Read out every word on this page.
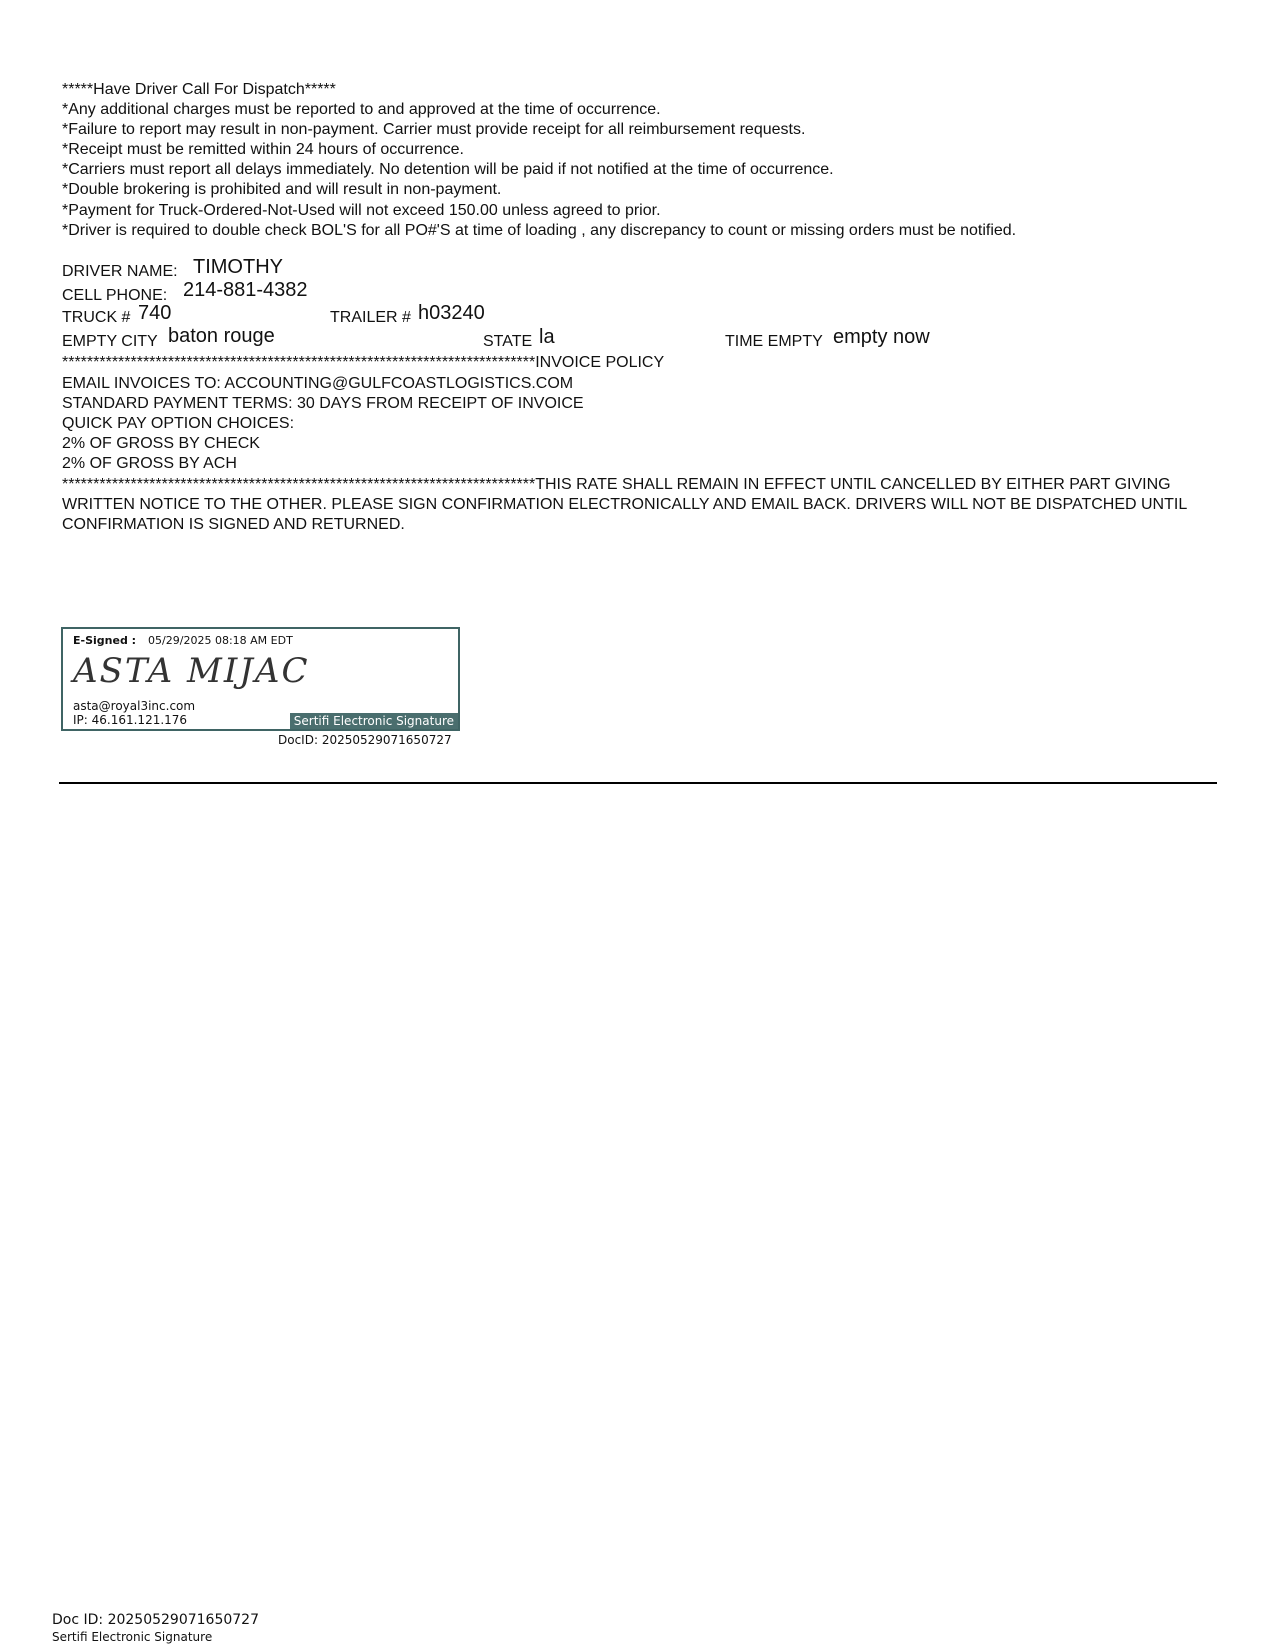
*****Have Driver Call For Dispatch*****
*Any additional charges must be reported to and approved at the time of occurrence.
*Failure to report may result in non-payment. Carrier must provide receipt for all reimbursement requests.
*Receipt must be remitted within 24 hours of occurrence.
*Carriers must report all delays immediately. No detention will be paid if not notified at the time of occurrence.
*Double brokering is prohibited and will result in non-payment.
*Payment for Truck-Ordered-Not-Used will not exceed 150.00 unless agreed to prior.
*Driver is required to double check BOL'S for all PO#'S at time of loading , any discrepancy to count or missing orders must be notified.
DRIVER NAME: TIMOTHY
CELL PHONE: 214-881-4382
TRUCK # 740	TRAILER # h03240
EMPTY CITY baton rouge	STATE la	TIME EMPTY empty now
****************************************************************************INVOICE POLICY
EMAIL INVOICES TO: ACCOUNTING@GULFCOASTLOGISTICS.COM
STANDARD PAYMENT TERMS: 30 DAYS FROM RECEIPT OF INVOICE
QUICK PAY OPTION CHOICES:
2% OF GROSS BY CHECK
2% OF GROSS BY ACH
****************************************************************************THIS RATE SHALL REMAIN IN EFFECT UNTIL CANCELLED BY EITHER PART GIVING WRITTEN NOTICE TO THE OTHER. PLEASE SIGN CONFIRMATION ELECTRONICALLY AND EMAIL BACK. DRIVERS WILL NOT BE DISPATCHED UNTIL CONFIRMATION IS SIGNED AND RETURNED.
E-Signed : 05/29/2025 08:18 AM EDT
ASTA MIJAC
asta@royal3inc.com
IP: 46.161.121.176	Sertifi Electronic Signature
DocID: 20250529071650727
Doc ID: 20250529071650727
Sertifi Electronic Signature
